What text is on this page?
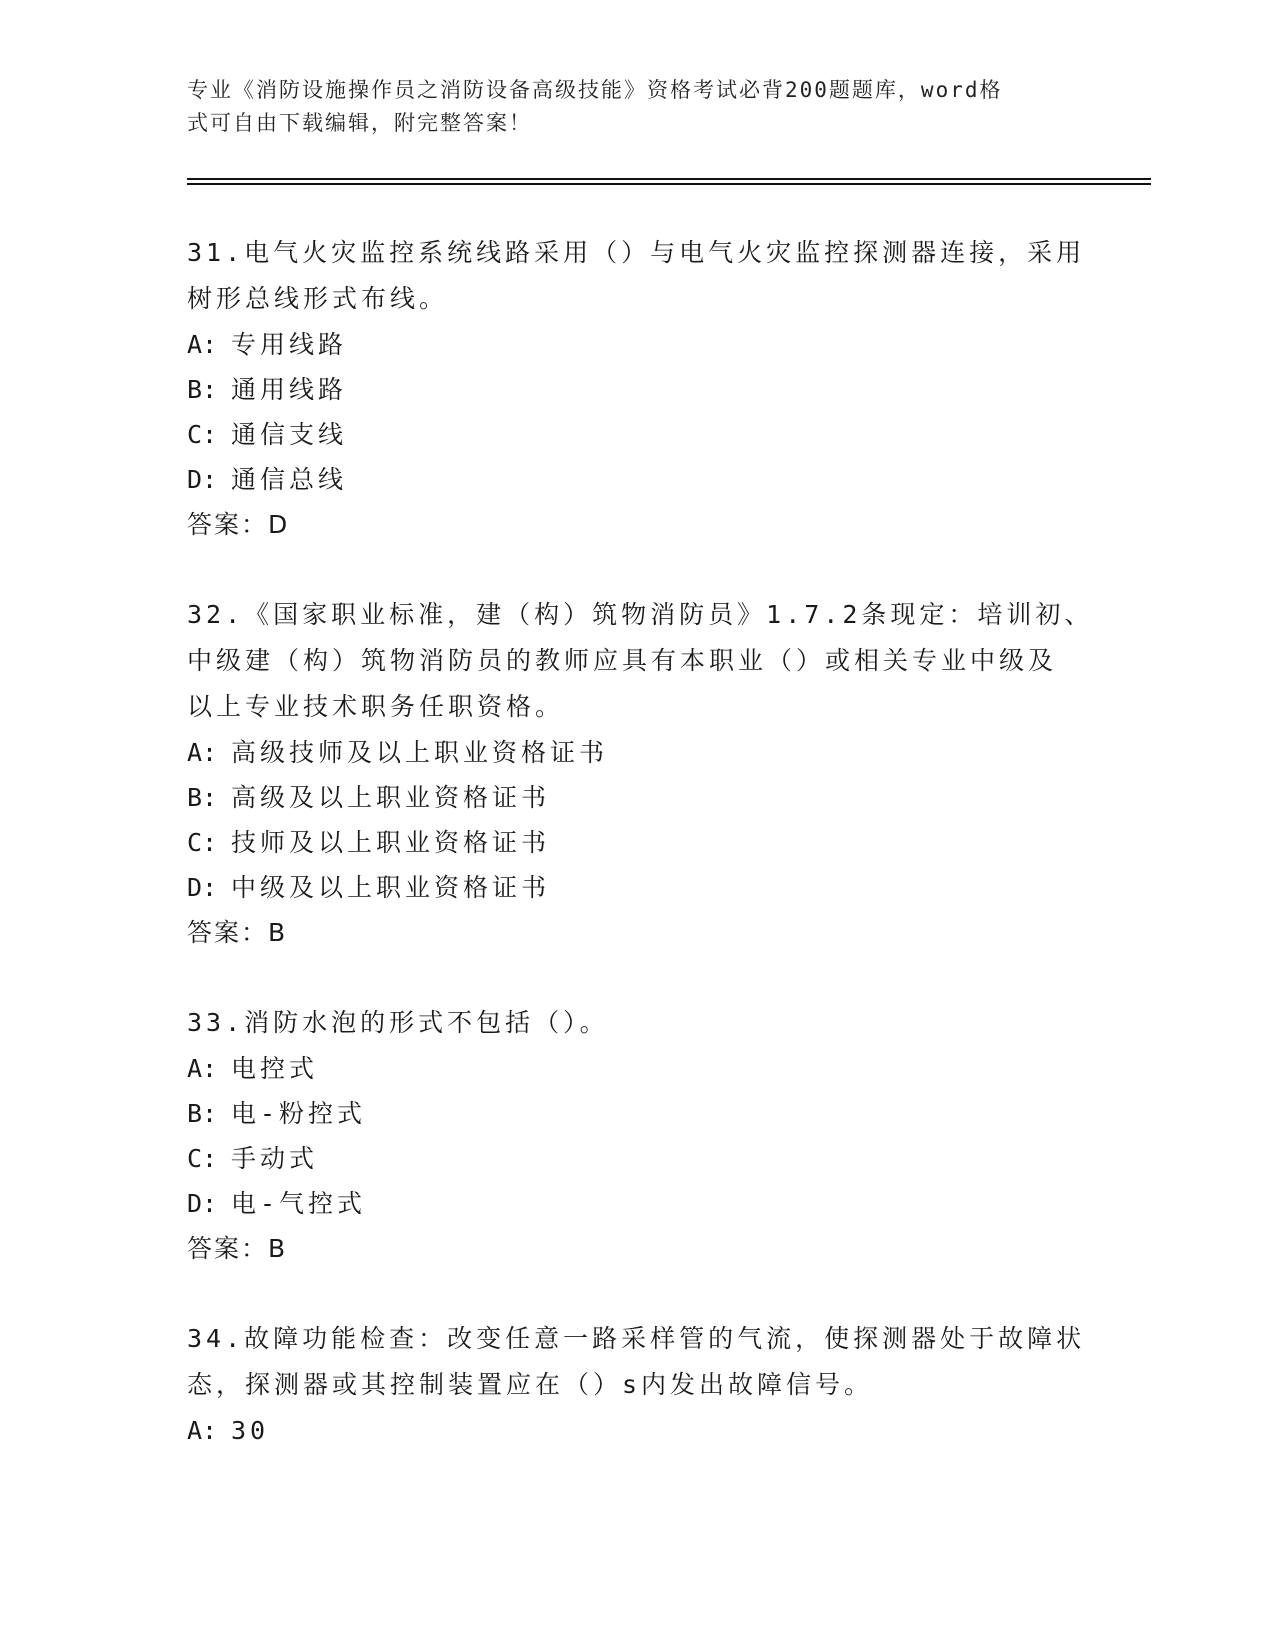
专业《消防设施操作员之消防设备高级技能》资格考试必背200题题库，word格
式可自由下载编辑，附完整答案！
31.电气火灾监控系统线路采用（）与电气火灾监控探测器连接，采用
树形总线形式布线。
A: 专用线路
B: 通用线路
C: 通信支线
D: 通信总线
答案：D
32.《国家职业标准，建（构）筑物消防员》1.7.2条现定：培训初、
中级建（构）筑物消防员的教师应具有本职业（）或相关专业中级及
以上专业技术职务任职资格。
A: 高级技师及以上职业资格证书
B: 高级及以上职业资格证书
C: 技师及以上职业资格证书
D: 中级及以上职业资格证书
答案：B
33.消防水泡的形式不包括（）。
A: 电控式
B: 电-粉控式
C: 手动式
D: 电-气控式
答案：B
34.故障功能检查：改变任意一路采样管的气流，使探测器处于故障状
态，探测器或其控制装置应在（）s内发出故障信号。
A: 30
